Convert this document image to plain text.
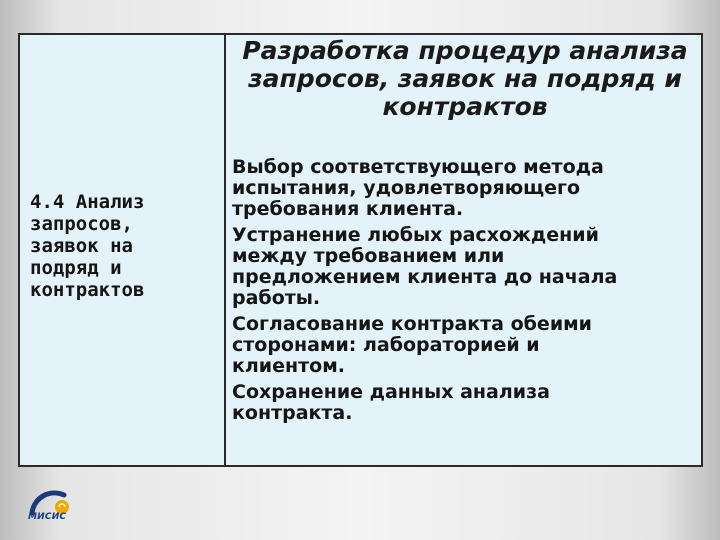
Разработка процедур анализа
запросов, заявок на подряд и
контрактов

4.4 Анализ
запросов,
заявок на
подряд и
контрактов

Выбор соответствующего метода
испытания, удовлетворяющего
требования клиента.
Устранение любых расхождений
между требованием или
предложением клиента до начала
работы.
Согласование контракта обеими
сторонами: лабораторией и
клиентом.
Сохранение данных анализа
контракта.
МИСИС
